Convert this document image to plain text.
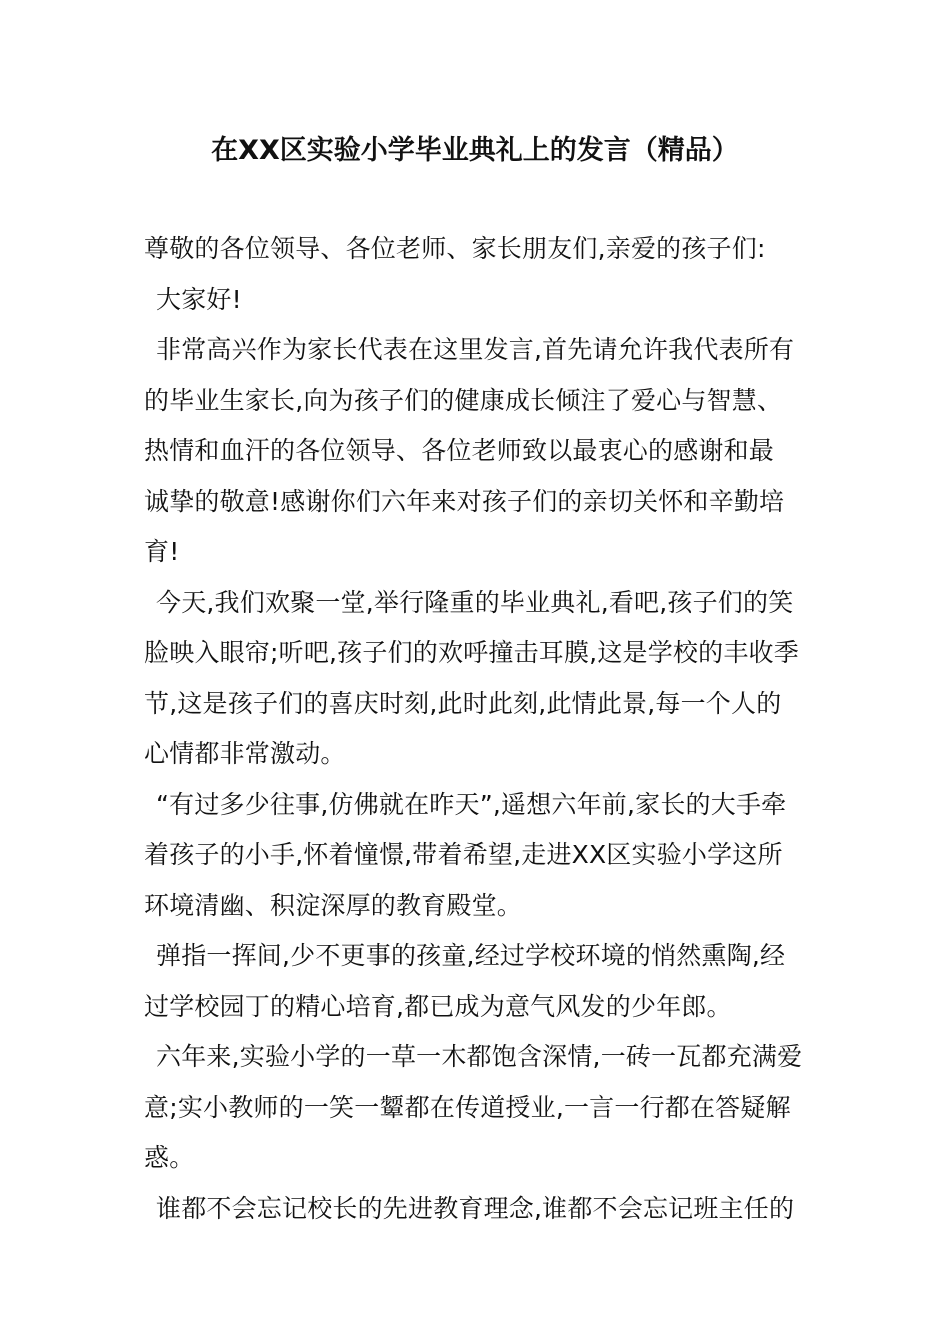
在XX区实验小学毕业典礼上的发言（精品）
尊敬的各位领导、各位老师、家长朋友们,亲爱的孩子们:
大家好!
非常高兴作为家长代表在这里发言,首先请允许我代表所有
的毕业生家长,向为孩子们的健康成长倾注了爱心与智慧、
热情和血汗的各位领导、各位老师致以最衷心的感谢和最
诚挚的敬意!感谢你们六年来对孩子们的亲切关怀和辛勤培
育!
今天,我们欢聚一堂,举行隆重的毕业典礼,看吧,孩子们的笑
脸映入眼帘;听吧,孩子们的欢呼撞击耳膜,这是学校的丰收季
节,这是孩子们的喜庆时刻,此时此刻,此情此景,每一个人的
心情都非常激动。
“有过多少往事,仿佛就在昨天”,遥想六年前,家长的大手牵
着孩子的小手,怀着憧憬,带着希望,走进XX区实验小学这所
环境清幽、积淀深厚的教育殿堂。
弹指一挥间,少不更事的孩童,经过学校环境的悄然熏陶,经
过学校园丁的精心培育,都已成为意气风发的少年郎。
六年来,实验小学的一草一木都饱含深情,一砖一瓦都充满爱
意;实小教师的一笑一颦都在传道授业,一言一行都在答疑解
惑。
谁都不会忘记校长的先进教育理念,谁都不会忘记班主任的
